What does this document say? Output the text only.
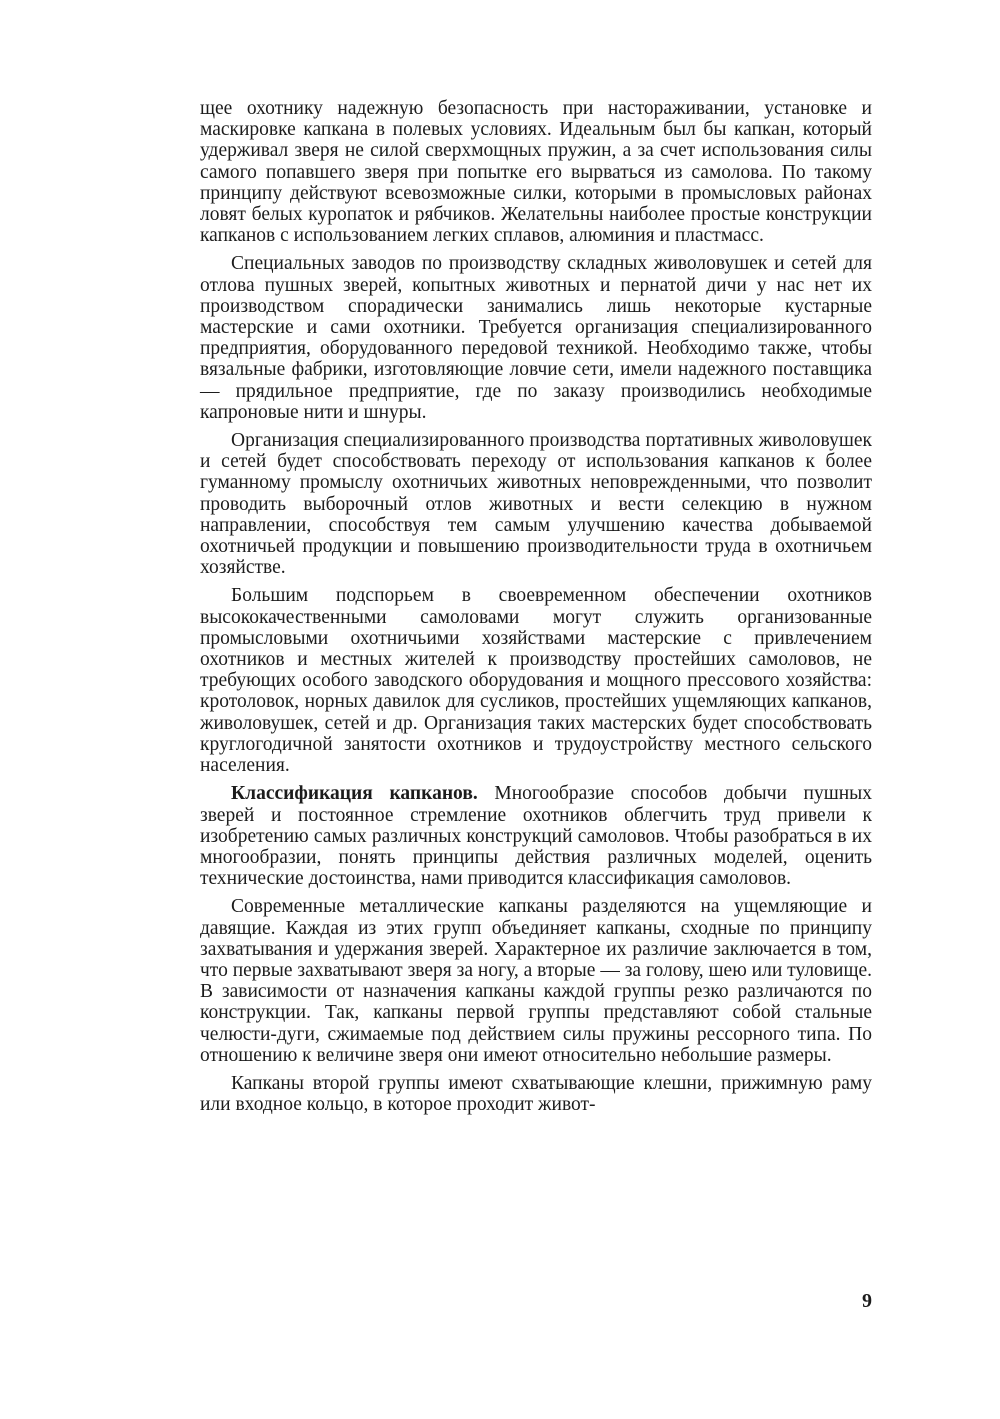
щее охотнику надежную безопасность при настораживании, установке и маскировке капкана в полевых условиях. Идеальным был бы капкан, который удерживал зверя не силой сверхмощных пружин, а за счет использования силы самого попавшего зверя при попытке его вырваться из самолова. По такому принципу действуют всевозможные силки, которыми в промысловых районах ловят белых куропаток и рябчиков. Желательны наиболее простые конструкции капканов с использованием легких сплавов, алюминия и пластмасс.

Специальных заводов по производству складных живоловушек и сетей для отлова пушных зверей, копытных животных и пернатой дичи у нас нет их производством спорадически занимались лишь некоторые кустарные мастерские и сами охотники. Требуется организация специализированного предприятия, оборудованного передовой техникой. Необходимо также, чтобы вязальные фабрики, изготовляющие ловчие сети, имели надежного поставщика — прядильное предприятие, где по заказу производились необходимые капроновые нити и шнуры.

Организация специализированного производства портативных живоловушек и сетей будет способствовать переходу от использования капканов к более гуманному промыслу охотничьих животных неповрежденными, что позволит проводить выборочный отлов животных и вести селекцию в нужном направлении, способствуя тем самым улучшению качества добываемой охотничьей продукции и повышению производительности труда в охотничьем хозяйстве.

Большим подспорьем в своевременном обеспечении охотников высококачественными самоловами могут служить организованные промысловыми охотничьими хозяйствами мастерские с привлечением охотников и местных жителей к производству простейших самоловов, не требующих особого заводского оборудования и мощного прессового хозяйства: кротоловок, норных давилок для сусликов, простейших ущемляющих капканов, живоловушек, сетей и др. Организация таких мастерских будет способствовать круглогодичной занятости охотников и трудоустройству местного сельского населения.

Классификация капканов. Многообразие способов добычи пушных зверей и постоянное стремление охотников облегчить труд привели к изобретению самых различных конструкций самоловов. Чтобы разобраться в их многообразии, понять принципы действия различных моделей, оценить технические достоинства, нами приводится классификация самоловов.

Современные металлические капканы разделяются на ущемляющие и давящие. Каждая из этих групп объединяет капканы, сходные по принципу захватывания и удержания зверей. Характерное их различие заключается в том, что первые захватывают зверя за ногу, а вторые — за голову, шею или туловище. В зависимости от назначения капканы каждой группы резко различаются по конструкции. Так, капканы первой группы представляют собой стальные челюсти-дуги, сжимаемые под действием силы пружины рессорного типа. По отношению к величине зверя они имеют относительно небольшие размеры.

Капканы второй группы имеют схватывающие клешни, прижимную раму или входное кольцо, в которое проходит живот-

9
